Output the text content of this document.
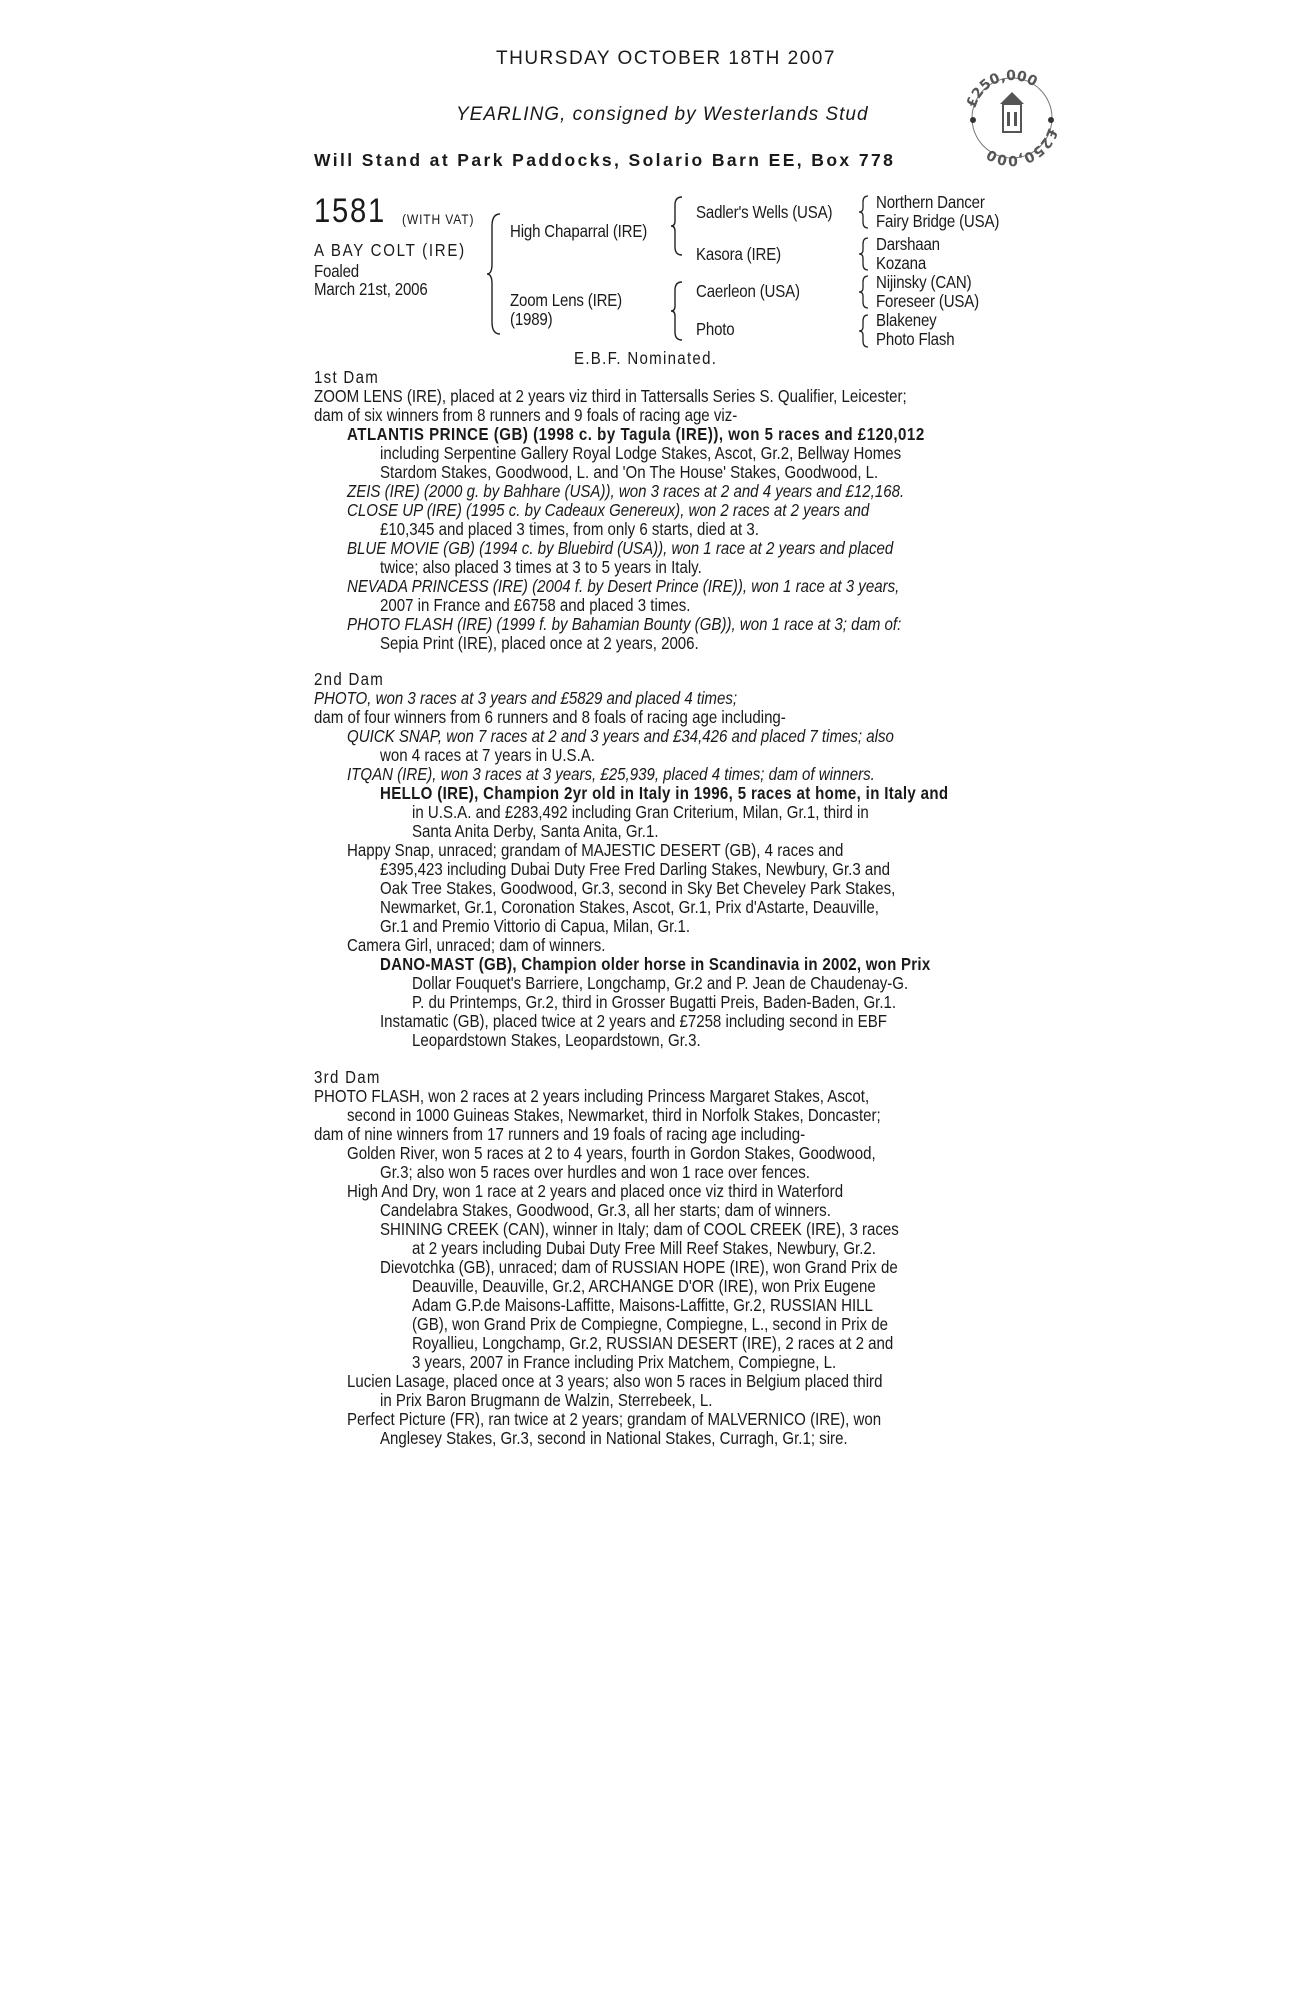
THURSDAY OCTOBER 18TH 2007
YEARLING, consigned by Westerlands Stud
Will Stand at Park Paddocks, Solario Barn EE, Box 778
£250,000
£250,000
1581 (WITH VAT)
A BAY COLT (IRE)
Foaled
March 21st, 2006
High Chaparral (IRE)
Zoom Lens (IRE)
(1989)
Sadler's Wells (USA)
Kasora (IRE)
Caerleon (USA)
Photo
Northern Dancer
Fairy Bridge (USA)
Darshaan
Kozana
Nijinsky (CAN)
Foreseer (USA)
Blakeney
Photo Flash
E.B.F. Nominated.
1st Dam
ZOOM LENS (IRE), placed at 2 years viz third in Tattersalls Series S. Qualifier, Leicester;
dam of six winners from 8 runners and 9 foals of racing age viz-
ATLANTIS PRINCE (GB) (1998 c. by Tagula (IRE)), won 5 races and £120,012
including Serpentine Gallery Royal Lodge Stakes, Ascot, Gr.2, Bellway Homes
Stardom Stakes, Goodwood, L. and 'On The House' Stakes, Goodwood, L.
ZEIS (IRE) (2000 g. by Bahhare (USA)), won 3 races at 2 and 4 years and £12,168.
CLOSE UP (IRE) (1995 c. by Cadeaux Genereux), won 2 races at 2 years and
£10,345 and placed 3 times, from only 6 starts, died at 3.
BLUE MOVIE (GB) (1994 c. by Bluebird (USA)), won 1 race at 2 years and placed
twice; also placed 3 times at 3 to 5 years in Italy.
NEVADA PRINCESS (IRE) (2004 f. by Desert Prince (IRE)), won 1 race at 3 years,
2007 in France and £6758 and placed 3 times.
PHOTO FLASH (IRE) (1999 f. by Bahamian Bounty (GB)), won 1 race at 3; dam of:
Sepia Print (IRE), placed once at 2 years, 2006.
2nd Dam
PHOTO, won 3 races at 3 years and £5829 and placed 4 times;
dam of four winners from 6 runners and 8 foals of racing age including-
QUICK SNAP, won 7 races at 2 and 3 years and £34,426 and placed 7 times; also
won 4 races at 7 years in U.S.A.
ITQAN (IRE), won 3 races at 3 years, £25,939, placed 4 times; dam of winners.
HELLO (IRE), Champion 2yr old in Italy in 1996, 5 races at home, in Italy and
in U.S.A. and £283,492 including Gran Criterium, Milan, Gr.1, third in
Santa Anita Derby, Santa Anita, Gr.1.
Happy Snap, unraced; grandam of MAJESTIC DESERT (GB), 4 races and
£395,423 including Dubai Duty Free Fred Darling Stakes, Newbury, Gr.3 and
Oak Tree Stakes, Goodwood, Gr.3, second in Sky Bet Cheveley Park Stakes,
Newmarket, Gr.1, Coronation Stakes, Ascot, Gr.1, Prix d'Astarte, Deauville,
Gr.1 and Premio Vittorio di Capua, Milan, Gr.1.
Camera Girl, unraced; dam of winners.
DANO-MAST (GB), Champion older horse in Scandinavia in 2002, won Prix
Dollar Fouquet's Barriere, Longchamp, Gr.2 and P. Jean de Chaudenay-G.
P. du Printemps, Gr.2, third in Grosser Bugatti Preis, Baden-Baden, Gr.1.
Instamatic (GB), placed twice at 2 years and £7258 including second in EBF
Leopardstown Stakes, Leopardstown, Gr.3.
3rd Dam
PHOTO FLASH, won 2 races at 2 years including Princess Margaret Stakes, Ascot,
second in 1000 Guineas Stakes, Newmarket, third in Norfolk Stakes, Doncaster;
dam of nine winners from 17 runners and 19 foals of racing age including-
Golden River, won 5 races at 2 to 4 years, fourth in Gordon Stakes, Goodwood,
Gr.3; also won 5 races over hurdles and won 1 race over fences.
High And Dry, won 1 race at 2 years and placed once viz third in Waterford
Candelabra Stakes, Goodwood, Gr.3, all her starts; dam of winners.
SHINING CREEK (CAN), winner in Italy; dam of COOL CREEK (IRE), 3 races
at 2 years including Dubai Duty Free Mill Reef Stakes, Newbury, Gr.2.
Dievotchka (GB), unraced; dam of RUSSIAN HOPE (IRE), won Grand Prix de
Deauville, Deauville, Gr.2, ARCHANGE D'OR (IRE), won Prix Eugene
Adam G.P.de Maisons-Laffitte, Maisons-Laffitte, Gr.2, RUSSIAN HILL
(GB), won Grand Prix de Compiegne, Compiegne, L., second in Prix de
Royallieu, Longchamp, Gr.2, RUSSIAN DESERT (IRE), 2 races at 2 and
3 years, 2007 in France including Prix Matchem, Compiegne, L.
Lucien Lasage, placed once at 3 years; also won 5 races in Belgium placed third
in Prix Baron Brugmann de Walzin, Sterrebeek, L.
Perfect Picture (FR), ran twice at 2 years; grandam of MALVERNICO (IRE), won
Anglesey Stakes, Gr.3, second in National Stakes, Curragh, Gr.1; sire.
